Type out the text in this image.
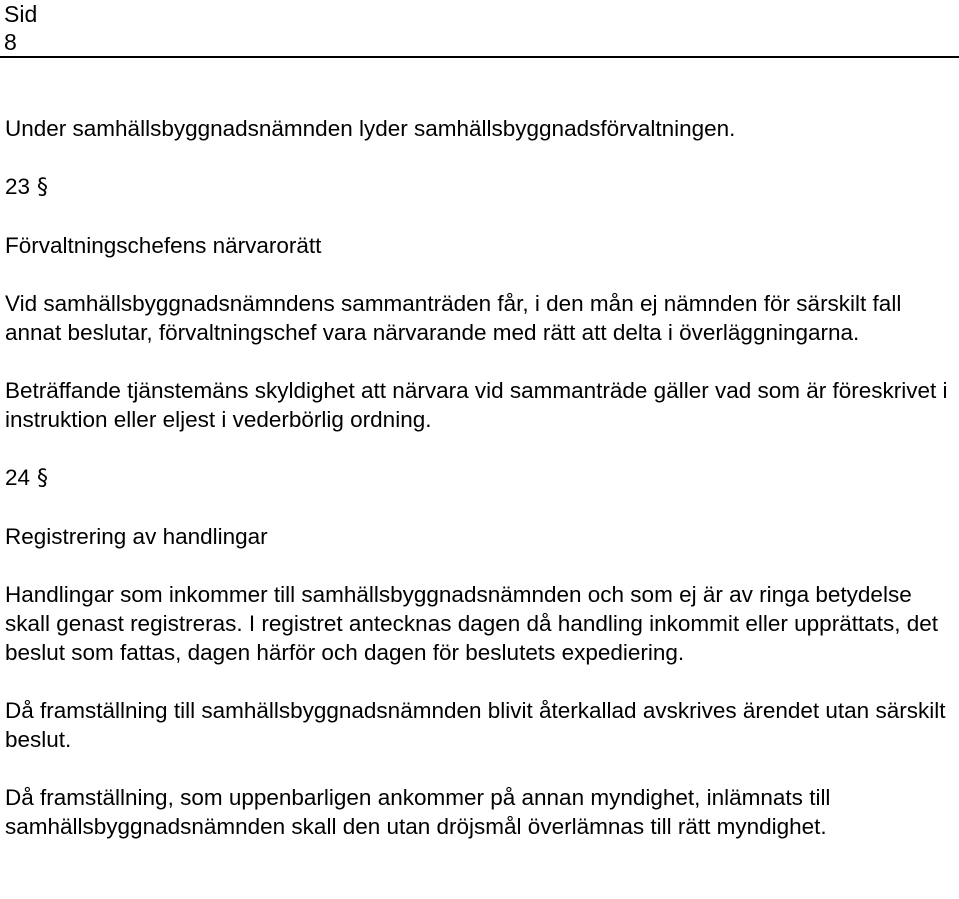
Sid
8

Under samhällsbyggnadsnämnden lyder samhällsbyggnadsförvaltningen.

23 §

Förvaltningschefens närvarorätt

Vid samhällsbyggnadsnämndens sammanträden får, i den mån ej nämnden för särskilt fall annat beslutar, förvaltningschef vara närvarande med rätt att delta i överläggningarna.

Beträffande tjänstemäns skyldighet att närvara vid sammanträde gäller vad som är föreskrivet i instruktion eller eljest i vederbörlig ordning.

24 §

Registrering av handlingar

Handlingar som inkommer till samhällsbyggnadsnämnden och som ej är av ringa betydelse skall genast registreras. I registret antecknas dagen då handling inkommit eller upprättats, det beslut som fattas, dagen härför och dagen för beslutets expediering.

Då framställning till samhällsbyggnadsnämnden blivit återkallad avskrives ärendet utan särskilt beslut.

Då framställning, som uppenbarligen ankommer på annan myndighet, inlämnats till samhällsbyggnadsnämnden skall den utan dröjsmål överlämnas till rätt myndighet.
